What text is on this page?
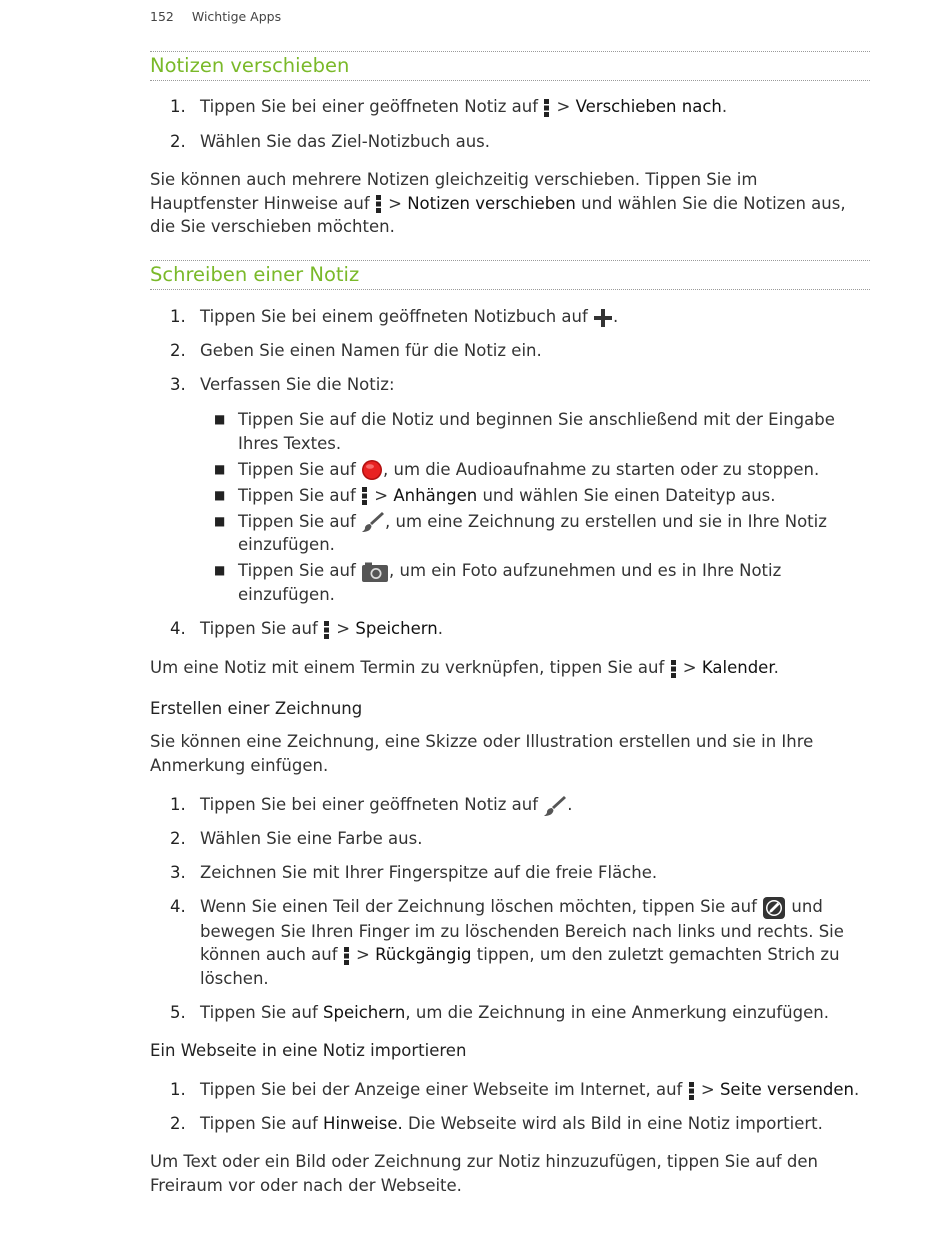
152 Wichtige Apps
Notizen verschieben
1. Tippen Sie bei einer geöffneten Notiz auf
> Verschieben nach.
2. Wählen Sie das Ziel-Notizbuch aus.

Sie können auch mehrere Notizen gleichzeitig verschieben. Tippen Sie im Hauptfenster Hinweise auf
> Notizen verschieben und wählen Sie die Notizen aus, die Sie verschieben möchten.

Schreiben einer Notiz
1. Tippen Sie bei einem geöffneten Notizbuch auf .
2. Geben Sie einen Namen für die Notiz ein.
3. Verfassen Sie die Notiz:
■ Tippen Sie auf die Notiz und beginnen Sie anschließend mit der Eingabe Ihres Textes.
■ Tippen Sie auf , um die Audioaufnahme zu starten oder zu stoppen.
■ Tippen Sie auf
> Anhängen und wählen Sie einen Dateityp aus.
■ Tippen Sie auf , um eine Zeichnung zu erstellen und sie in Ihre Notiz einzufügen.
■ Tippen Sie auf , um ein Foto aufzunehmen und es in Ihre Notiz einzufügen.
4. Tippen Sie auf
> Speichern.

Um eine Notiz mit einem Termin zu verknüpfen, tippen Sie auf
> Kalender.

Erstellen einer Zeichnung

Sie können eine Zeichnung, eine Skizze oder Illustration erstellen und sie in Ihre Anmerkung einfügen.

1. Tippen Sie bei einer geöffneten Notiz auf .
2. Wählen Sie eine Farbe aus.
3. Zeichnen Sie mit Ihrer Fingerspitze auf die freie Fläche.
4. Wenn Sie einen Teil der Zeichnung löschen möchten, tippen Sie auf
und bewegen Sie Ihren Finger im zu löschenden Bereich nach links und rechts. Sie können auch auf
> Rückgängig tippen, um den zuletzt gemachten Strich zu löschen.
5. Tippen Sie auf Speichern, um die Zeichnung in eine Anmerkung einzufügen.
Ein Webseite in eine Notiz importieren
1. Tippen Sie bei der Anzeige einer Webseite im Internet, auf
> Seite versenden.
2. Tippen Sie auf Hinweise. Die Webseite wird als Bild in eine Notiz importiert.

Um Text oder ein Bild oder Zeichnung zur Notiz hinzuzufügen, tippen Sie auf den Freiraum vor oder nach der Webseite.
